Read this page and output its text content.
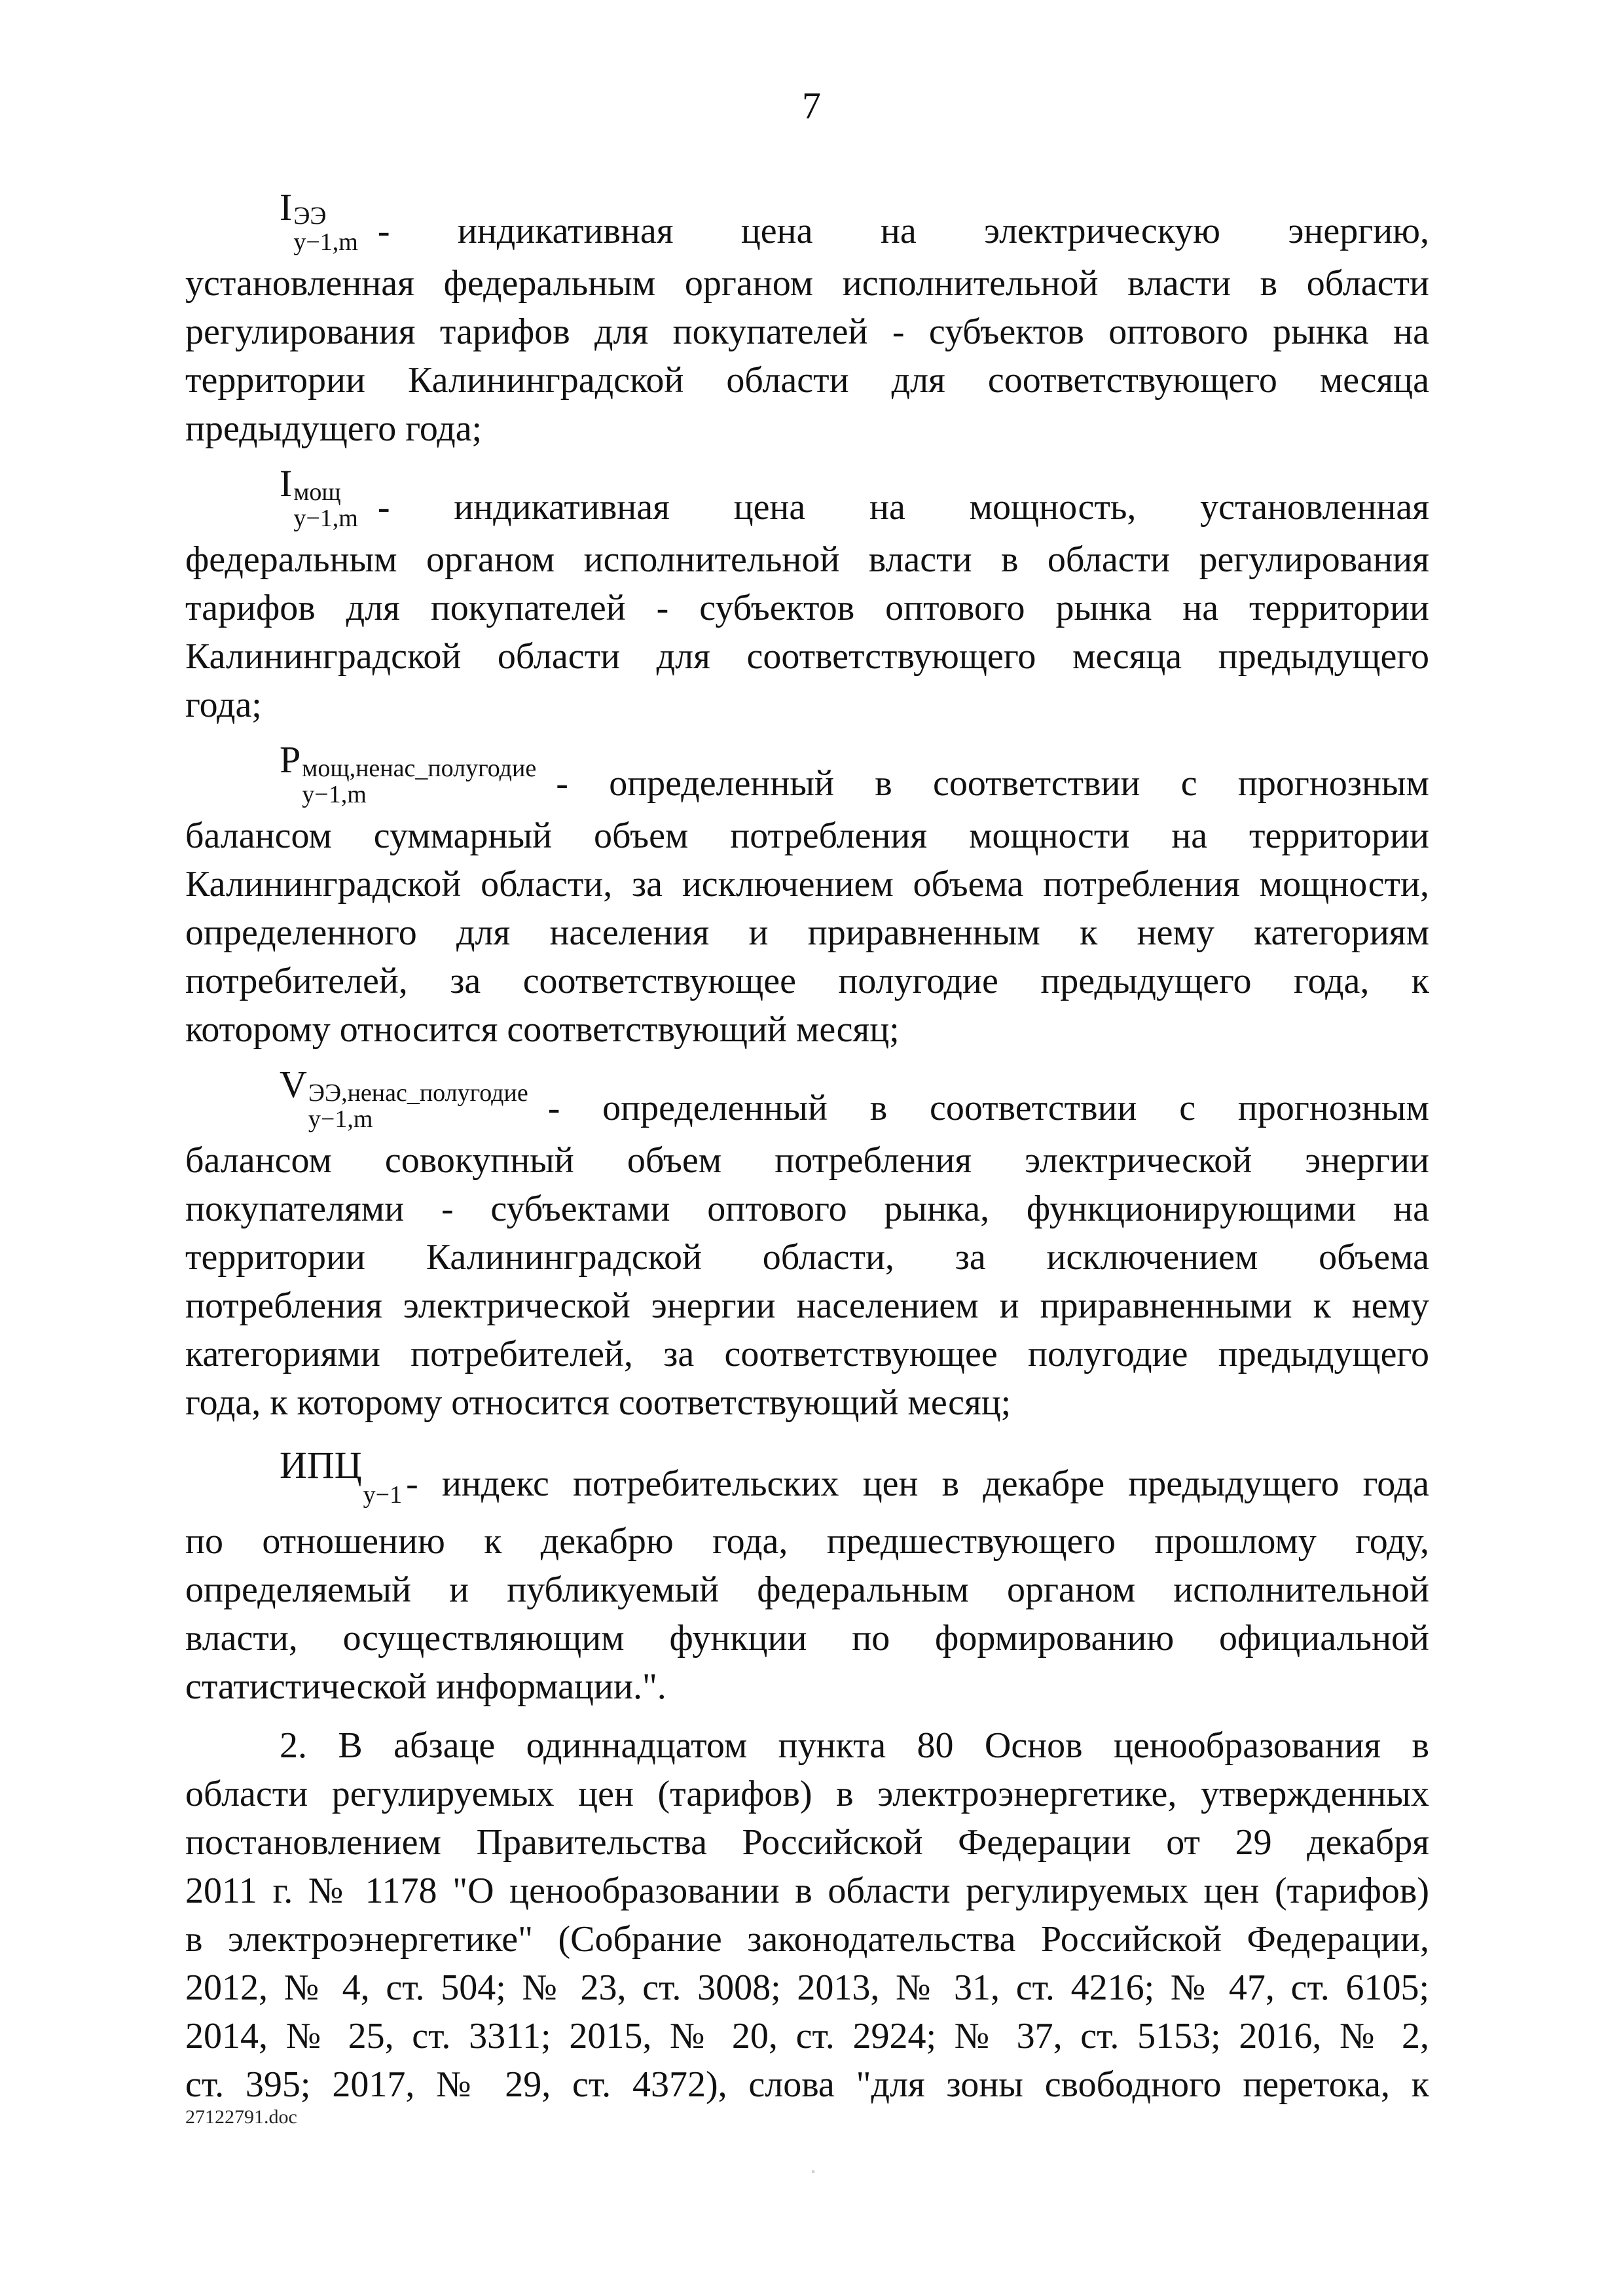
7
I ЭЭ
y−1,m - индикативная цена на электрическую энергию,
установленная федеральным органом исполнительной власти в области
регулирования тарифов для покупателей - субъектов оптового рынка на
территории Калининградской области для соответствующего месяца
предыдущего года;
I мощ
y−1,m - индикативная цена на мощность, установленная
федеральным органом исполнительной власти в области регулирования
тарифов для покупателей - субъектов оптового рынка на территории
Калининградской области для соответствующего месяца предыдущего
года;
P мощ,ненас_полугодие
y−1,m	- определенный в соответствии с прогнозным
балансом суммарный объем потребления мощности на территории
Калининградской области, за исключением объема потребления мощности,
определенного для населения и приравненным к нему категориям
потребителей, за соответствующее полугодие предыдущего года, к
которому относится соответствующий месяц;
V ЭЭ,ненас_полугодие
y−1,m	- определенный в соответствии с прогнозным
балансом совокупный объем потребления электрической энергии
покупателями - субъектами оптового рынка, функционирующими на
территории Калининградской области, за исключением объема
потребления электрической энергии населением и приравненными к нему
категориями потребителей, за соответствующее полугодие предыдущего
года, к которому относится соответствующий месяц;
ИПЦ
y−1 - индекс потребительских цен в декабре предыдущего года
по отношению к декабрю года, предшествующего прошлому году,
определяемый и публикуемый федеральным органом исполнительной
власти, осуществляющим функции по формированию официальной
статистической информации.".
2. В абзаце одиннадцатом пункта 80 Основ ценообразования в
области регулируемых цен (тарифов) в электроэнергетике, утвержденных
постановлением Правительства Российской Федерации от 29 декабря
2011 г. № 1178 "О ценообразовании в области регулируемых цен (тарифов)
в электроэнергетике" (Собрание законодательства Российской Федерации,
2012, № 4, ст. 504; № 23, ст. 3008; 2013, № 31, ст. 4216; № 47, ст. 6105;
2014, № 25, ст. 3311; 2015, № 20, ст. 2924; № 37, ст. 5153; 2016, № 2,
ст. 395; 2017, № 29, ст. 4372), слова "для зоны свободного перетока, к
27122791.doc
